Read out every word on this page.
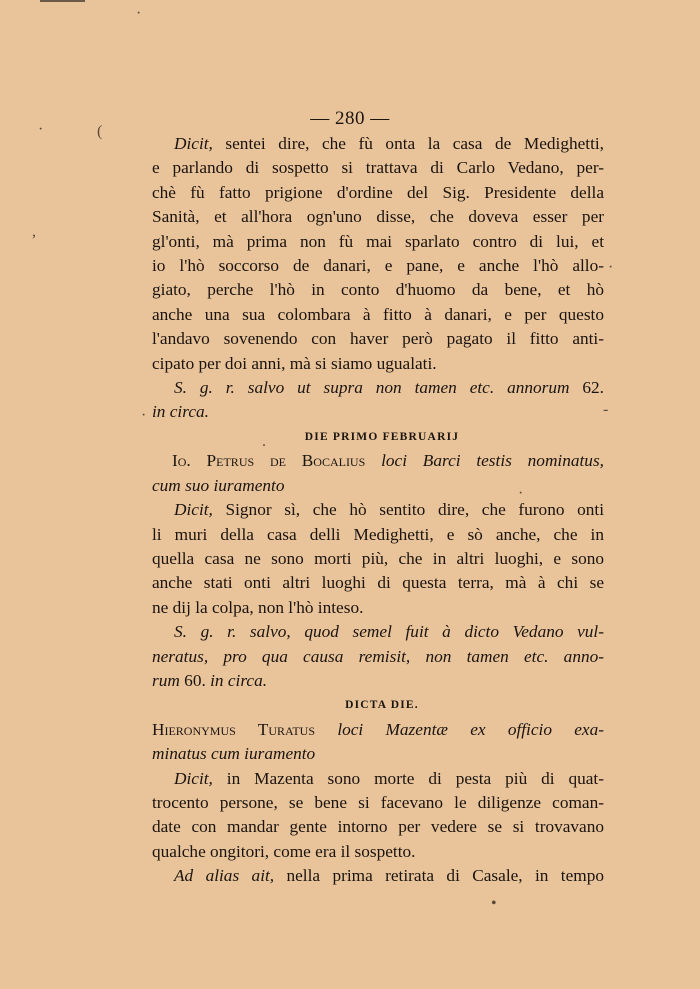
·
·	(
,
·
·	-
.
·
•
— 280 —
Dicit, sentei dire, che fù onta la casa de Medighetti,
e parlando di sospetto si trattava di Carlo Vedano, per-
chè fù fatto prigione d'ordine del Sig. Presidente della
Sanità, et all'hora ogn'uno disse, che doveva esser per
gl'onti, mà prima non fù mai sparlato contro di lui, et
io l'hò soccorso de danari, e pane, e anche l'hò allo-
giato, perche l'hò in conto d'huomo da bene, et hò
anche una sua colombara à fitto à danari, e per questo
l'andavo sovenendo con haver però pagato il fitto anti-
cipato per doi anni, mà si siamo ugualati.
S. g. r. salvo ut supra non tamen etc. annorum 62.
in circa.
DIE PRIMO FEBRUARIJ
Io. Petrus de Bocalius loci Barci testis nominatus,
cum suo iuramento
Dicit, Signor sì, che hò sentito dire, che furono onti
li muri della casa delli Medighetti, e sò anche, che in
quella casa ne sono morti più, che in altri luoghi, e sono
anche stati onti altri luoghi di questa terra, mà à chi se
ne dij la colpa, non l'hò inteso.
S. g. r. salvo, quod semel fuit à dicto Vedano vul-
neratus, pro qua causa remisit, non tamen etc. anno-
rum 60. in circa.
DICTA DIE.
Hieronymus Turatus loci Mazentæ ex officio exa-
minatus cum iuramento
Dicit, in Mazenta sono morte di pesta più di quat-
trocento persone, se bene si facevano le diligenze coman-
date con mandar gente intorno per vedere se si trovavano
qualche ongitori, come era il sospetto.
Ad alias ait, nella prima retirata di Casale, in tempo
